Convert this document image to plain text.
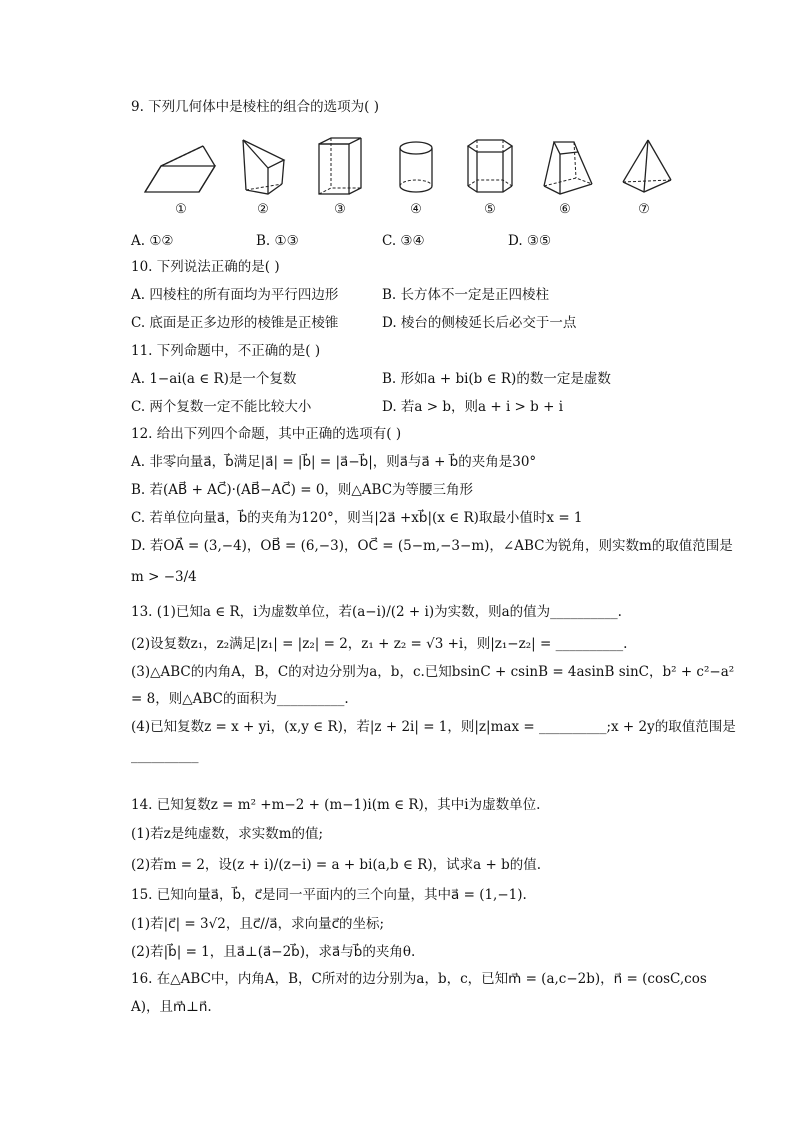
9. 下列几何体中是棱柱的组合的选项为( )
①	②	③	④	⑤	⑥	⑦
A. ①②	B. ①③	C. ③④	D. ③⑤
10. 下列说法正确的是( )
A. 四棱柱的所有面均为平行四边形	B. 长方体不一定是正四棱柱
C. 底面是正多边形的棱锥是正棱锥	D. 棱台的侧棱延长后必交于一点
11. 下列命题中，不正确的是( )
A. 1−ai(a ∈ R)是一个复数	B. 形如a + bi(b ∈ R)的数一定是虚数
C. 两个复数一定不能比较大小	D. 若a > b，则a + i > b + i
12. 给出下列四个命题，其中正确的选项有( )
A. 非零向量a⃗，b⃗满足|a⃗| = |b⃗| = |a⃗−b⃗|，则a⃗与a⃗ + b⃗的夹角是30°
B. 若(AB⃗ + AC⃗)·(AB⃗−AC⃗) = 0，则△ABC为等腰三角形
C. 若单位向量a⃗，b⃗的夹角为120°，则当|2a⃗ +xb⃗|(x ∈ R)取最小值时x = 1
D. 若OA⃗ = (3,−4)，OB⃗ = (6,−3)，OC⃗ = (5−m,−3−m)，∠ABC为锐角，则实数m的取值范围是
m > −3/4
13. (1)已知a ∈ R，i为虚数单位，若(a−i)/(2 + i)为实数，则a的值为__________.
(2)设复数z₁，z₂满足|z₁| = |z₂| = 2，z₁ + z₂ = √3 +i，则|z₁−z₂| = __________.
(3)△ABC的内角A，B，C的对边分别为a，b，c.已知bsinC + csinB = 4asinB sinC，b² + c²−a²
= 8，则△ABC的面积为__________.
(4)已知复数z = x + yi，(x,y ∈ R)，若|z + 2i| = 1，则|z|max = __________;x + 2y的取值范围是
__________
14. 已知复数z = m² +m−2 + (m−1)i(m ∈ R)，其中i为虚数单位.
(1)若z是纯虚数，求实数m的值;
(2)若m = 2，设(z + i)/(z−i) = a + bi(a,b ∈ R)，试求a + b的值.
15. 已知向量a⃗，b⃗，c⃗是同一平面内的三个向量，其中a⃗ = (1,−1).
(1)若|c⃗| = 3√2，且c⃗//a⃗，求向量c⃗的坐标;
(2)若|b⃗| = 1，且a⃗⊥(a⃗−2b⃗)，求a⃗与b⃗的夹角θ.
16. 在△ABC中，内角A，B，C所对的边分别为a，b，c，已知m⃗ = (a,c−2b)，n⃗ = (cosC,cos
A)，且m⃗⊥n⃗.
